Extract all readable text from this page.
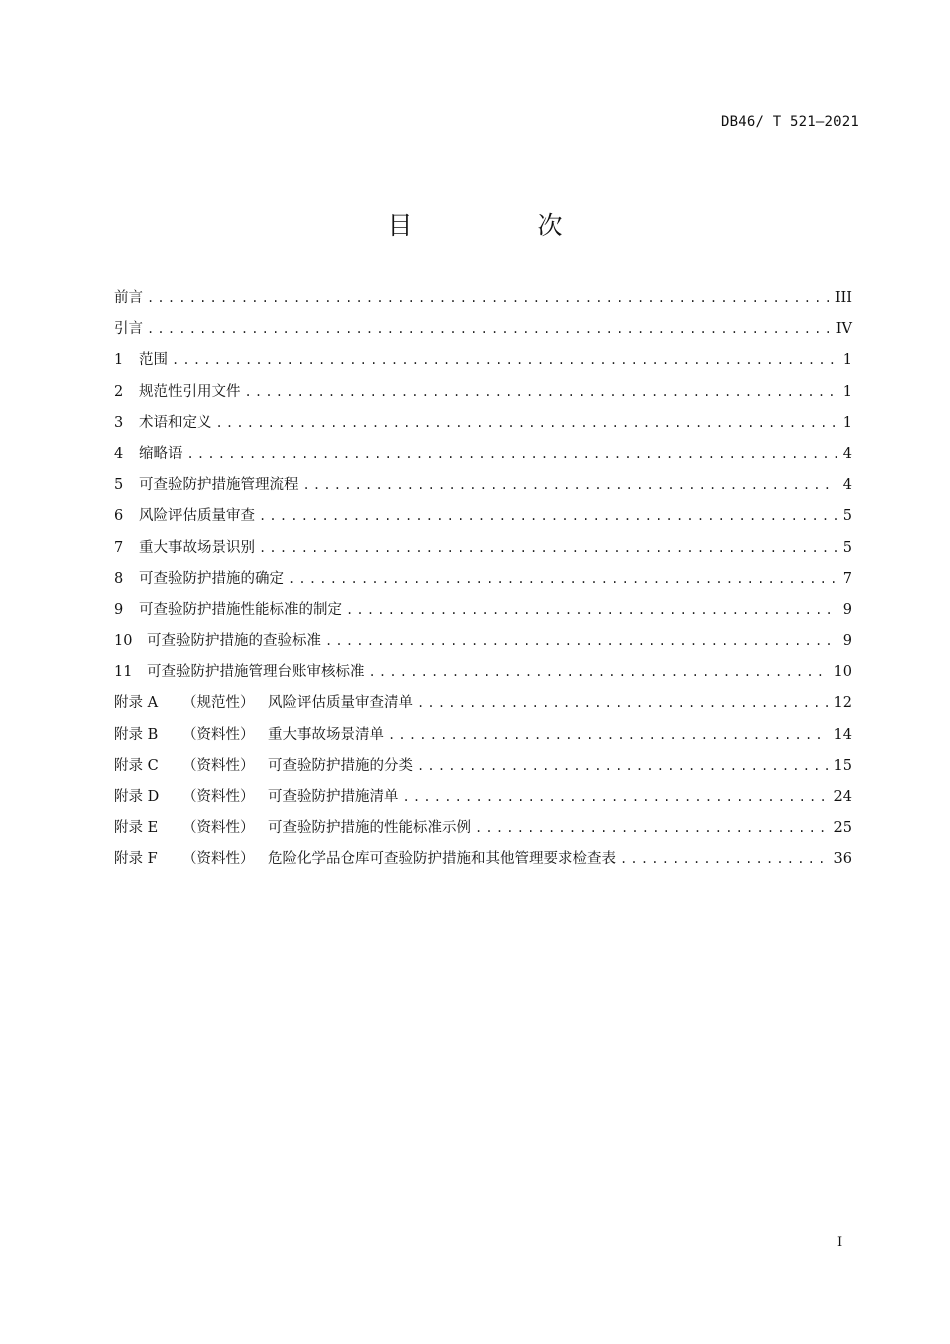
DB46/ T 521—2021
目　次
前言 .....	III
引言 .....	IV
1	范围 .....	1
2	规范性引用文件 .....	1
3	术语和定义 .....	1
4	缩略语 .....	4
5	可查验防护措施管理流程 .....	4
6	风险评估质量审查 .....	5
7	重大事故场景识别 .....	5
8	可查验防护措施的确定 .....	7
9	可查验防护措施性能标准的制定 .....	9
10	可查验防护措施的查验标准 .....	9
11	可查验防护措施管理台账审核标准 .....	10
附录 A	（规范性） 风险评估质量审查清单 .....	12
附录 B	（资料性） 重大事故场景清单 .....	14
附录 C	（资料性） 可查验防护措施的分类 .....	15
附录 D	（资料性） 可查验防护措施清单 .....	24
附录 E	（资料性） 可查验防护措施的性能标准示例 .....	25
附录 F	（资料性） 危险化学品仓库可查验防护措施和其他管理要求检查表 .....	36
I
